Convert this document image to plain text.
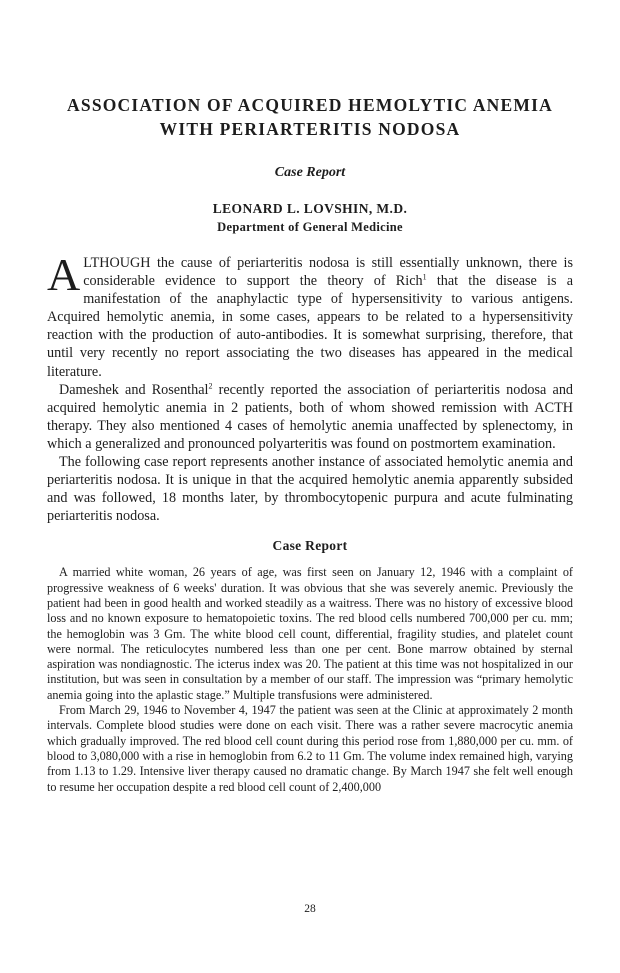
ASSOCIATION OF ACQUIRED HEMOLYTIC ANEMIA WITH PERIARTERITIS NODOSA

Case Report

LEONARD L. LOVSHIN, M.D.

Department of General Medicine

ALTHOUGH the cause of periarteritis nodosa is still essentially unknown, there is considerable evidence to support the theory of Rich$^1$ that the disease is a manifestation of the anaphylactic type of hypersensitivity to various antigens. Acquired hemolytic anemia, in some cases, appears to be related to a hypersensitivity reaction with the production of auto-antibodies. It is somewhat surprising, therefore, that until very recently no report associating the two diseases has appeared in the medical literature.

Dameshek and Rosenthal$^2$ recently reported the association of periarteritis nodosa and acquired hemolytic anemia in 2 patients, both of whom showed remission with ACTH therapy. They also mentioned 4 cases of hemolytic anemia unaffected by splenectomy, in which a generalized and pronounced polyarteritis was found on postmortem examination.

The following case report represents another instance of associated hemolytic anemia and periarteritis nodosa. It is unique in that the acquired hemolytic anemia apparently subsided and was followed, 18 months later, by thrombocytopenic purpura and acute fulminating periarteritis nodosa.

Case Report

A married white woman, 26 years of age, was first seen on January 12, 1946 with a complaint of progressive weakness of 6 weeks' duration. It was obvious that she was severely anemic. Previously the patient had been in good health and worked steadily as a waitress. There was no history of excessive blood loss and no known exposure to hematopoietic toxins. The red blood cells numbered 700,000 per cu. mm; the hemoglobin was 3 Gm. The white blood cell count, differential, fragility studies, and platelet count were normal. The reticulocytes numbered less than one per cent. Bone marrow obtained by sternal aspiration was nondiagnostic. The icterus index was 20. The patient at this time was not hospitalized in our institution, but was seen in consultation by a member of our staff. The impression was “primary hemolytic anemia going into the aplastic stage.” Multiple transfusions were administered.

From March 29, 1946 to November 4, 1947 the patient was seen at the Clinic at approximately 2 month intervals. Complete blood studies were done on each visit. There was a rather severe macrocytic anemia which gradually improved. The red blood cell count during this period rose from 1,880,000 per cu. mm. of blood to 3,080,000 with a rise in hemoglobin from 6.2 to 11 Gm. The volume index remained high, varying from 1.13 to 1.29. Intensive liver therapy caused no dramatic change. By March 1947 she felt well enough to resume her occupation despite a red blood cell count of 2,400,000

28
